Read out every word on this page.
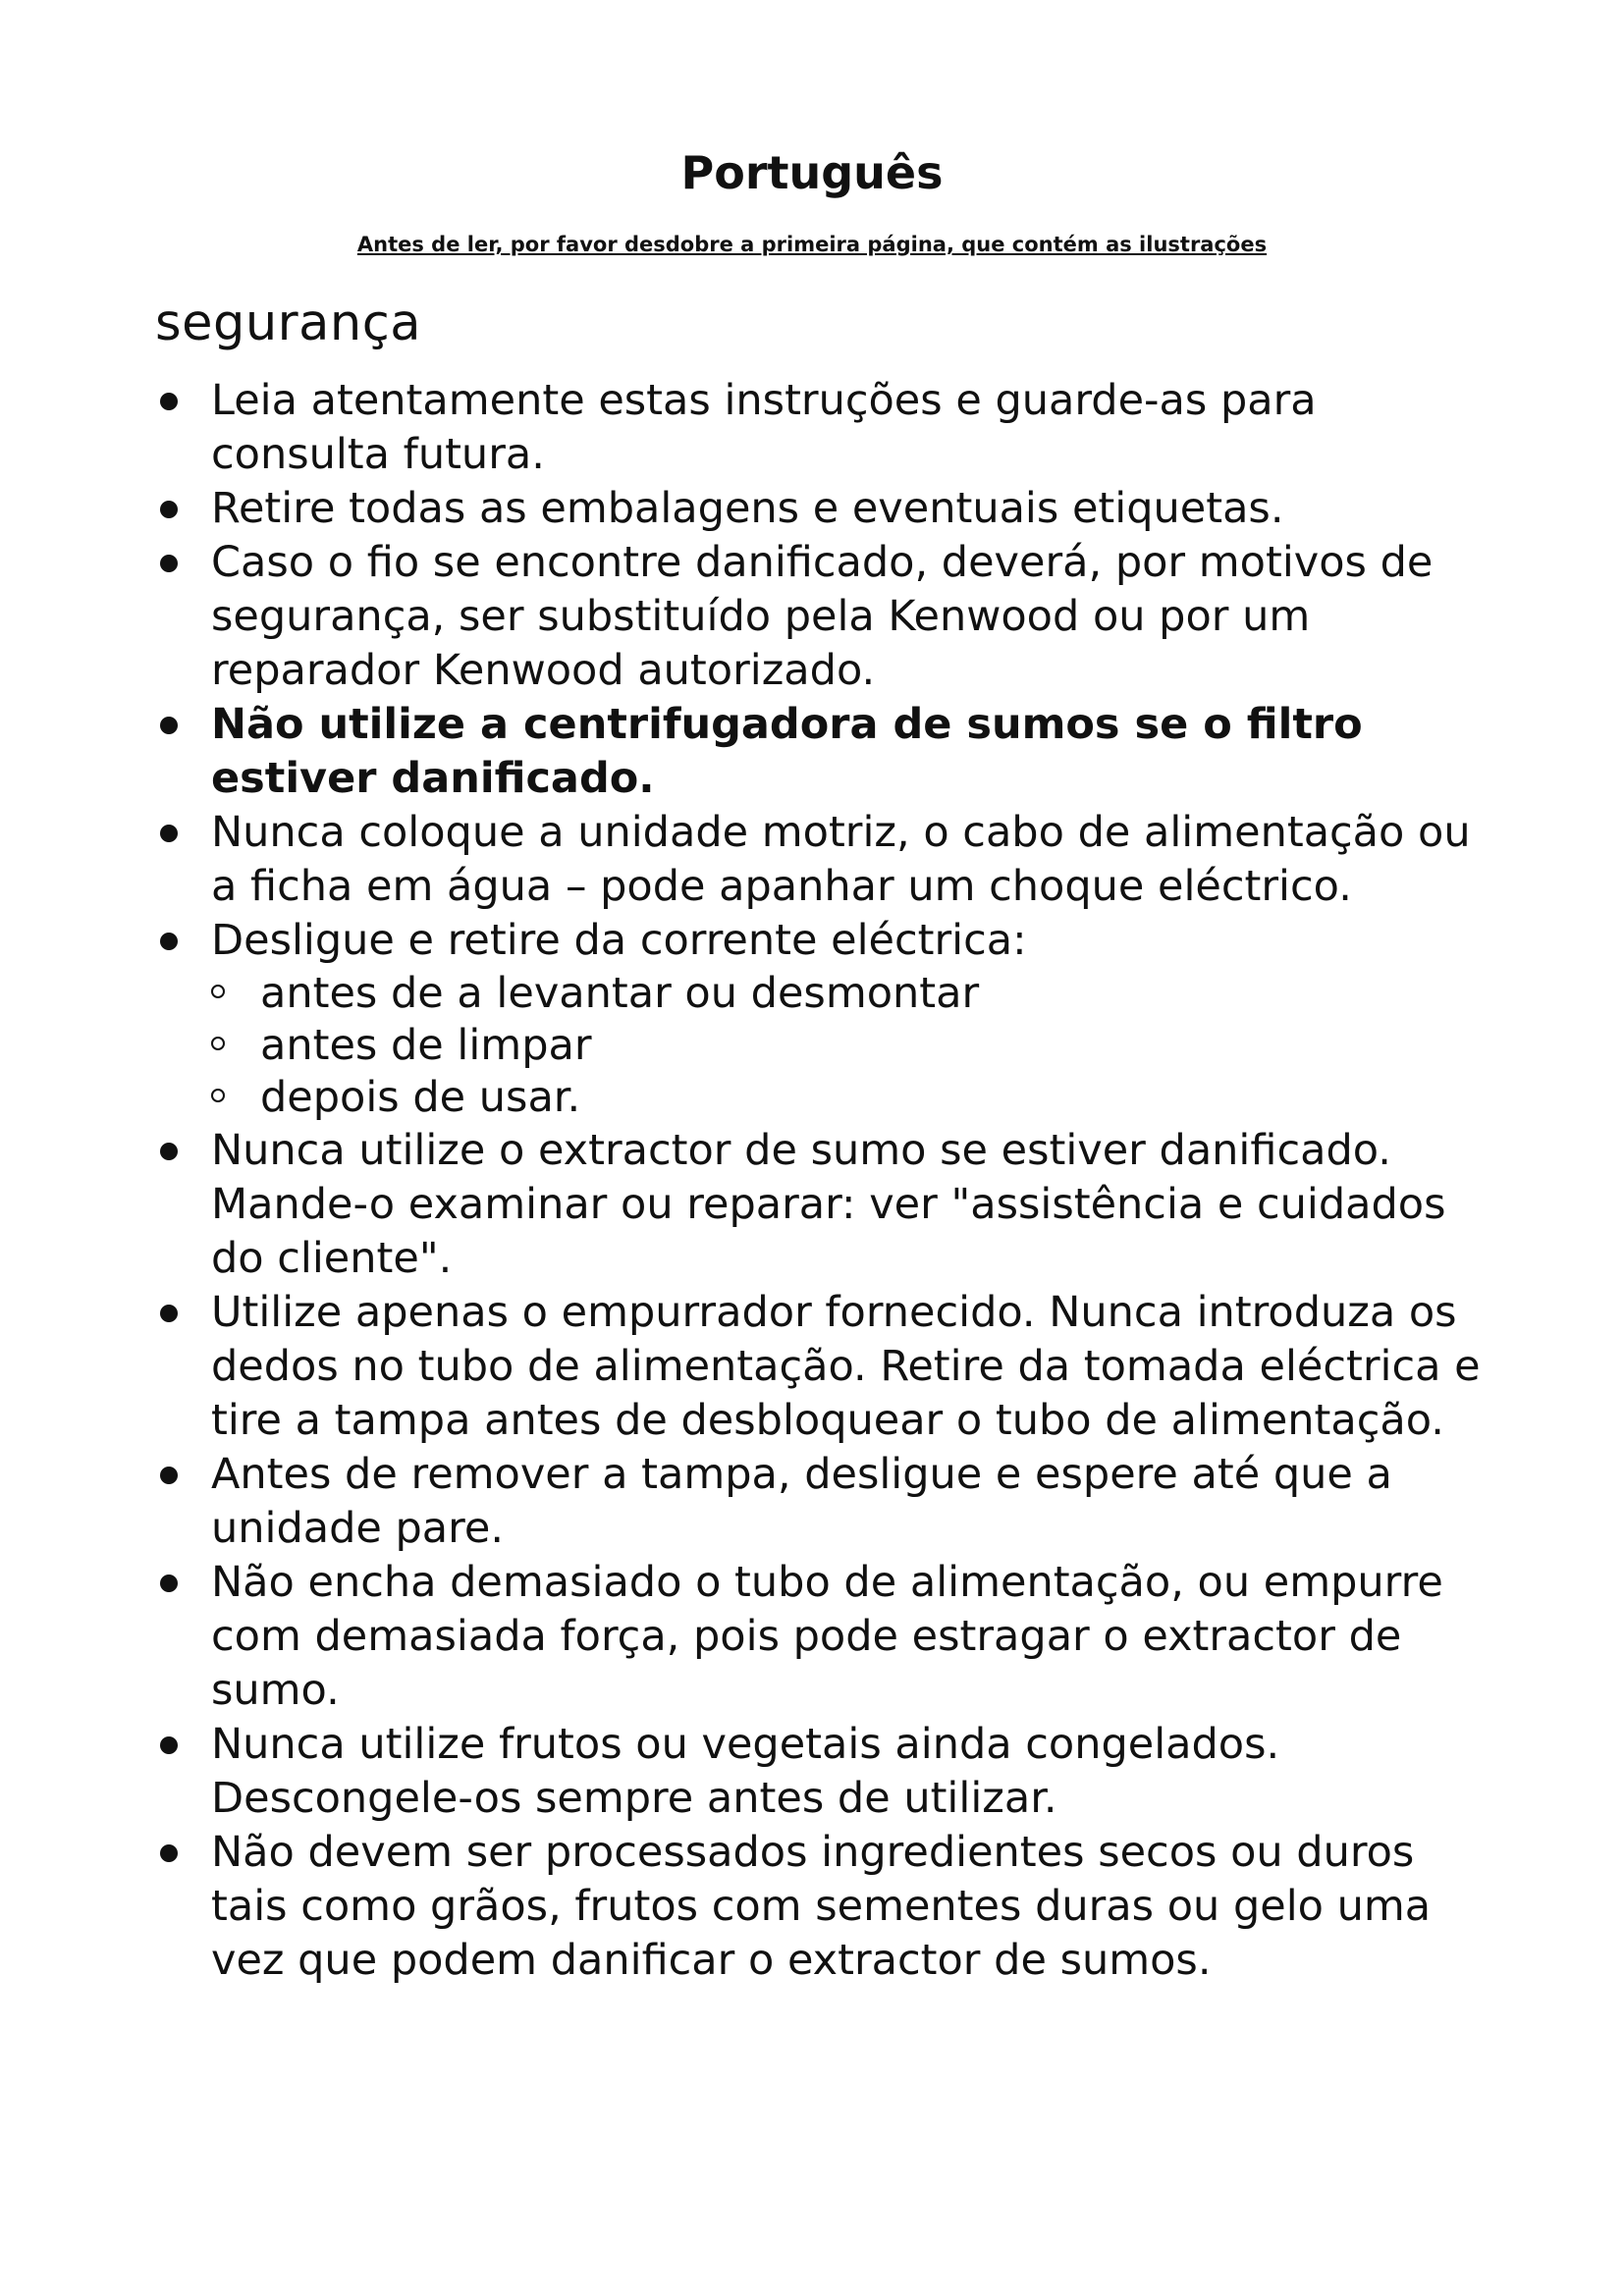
Português

Antes de ler, por favor desdobre a primeira página, que contém as ilustrações

segurança
Leia atentamente estas instruções e guarde-as para consulta futura.
Retire todas as embalagens e eventuais etiquetas.
Caso o fio se encontre danificado, deverá, por motivos de segurança, ser substituído pela Kenwood ou por um reparador Kenwood autorizado.
Não utilize a centrifugadora de sumos se o filtro estiver danificado.
Nunca coloque a unidade motriz, o cabo de alimentação ou a ficha em água – pode apanhar um choque eléctrico.
Desligue e retire da corrente eléctrica:
antes de a levantar ou desmontar
antes de limpar
depois de usar.
Nunca utilize o extractor de sumo se estiver danificado. Mande-o examinar ou reparar: ver "assistência e cuidados do cliente".
Utilize apenas o empurrador fornecido. Nunca introduza os dedos no tubo de alimentação. Retire da tomada eléctrica e tire a tampa antes de desbloquear o tubo de alimentação.
Antes de remover a tampa, desligue e espere até que a unidade pare.
Não encha demasiado o tubo de alimentação, ou empurre com demasiada força, pois pode estragar o extractor de sumo.
Nunca utilize frutos ou vegetais ainda congelados. Descongele-os sempre antes de utilizar.
Não devem ser processados ingredientes secos ou duros tais como grãos, frutos com sementes duras ou gelo uma vez que podem danificar o extractor de sumos.
